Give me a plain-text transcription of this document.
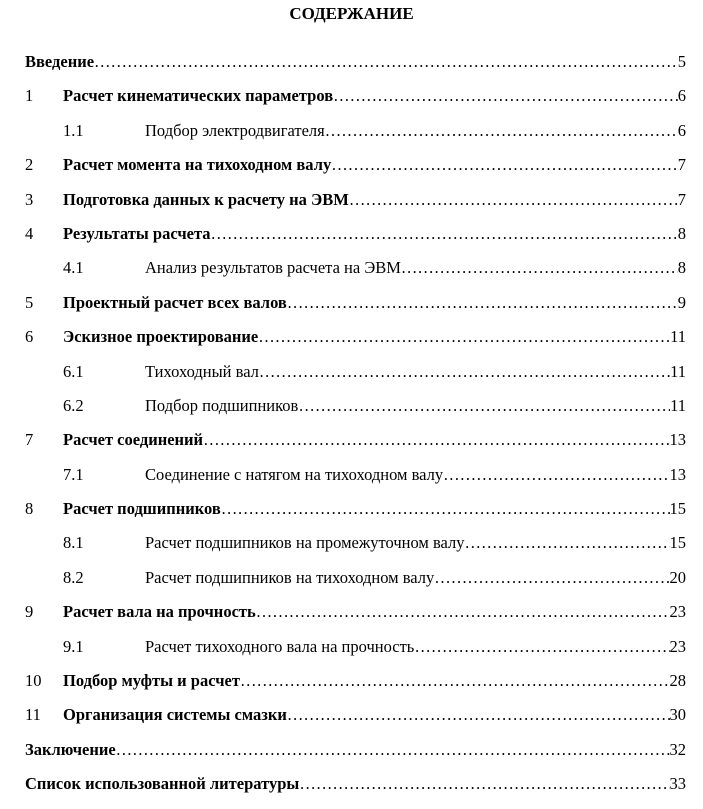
СОДЕРЖАНИЕ
Введение ……………………………………………………………………………………………………………………………………………………………………………………	5
1	Расчет кинематических параметров ……………………………………………………………………………………………………………………………………………………………………………………	6
1.1	Подбор электродвигателя ……………………………………………………………………………………………………………………………………………………………………………………	6
2	Расчет момента на тихоходном валу ……………………………………………………………………………………………………………………………………………………………………………………	7
3	Подготовка данных к расчету на ЭВМ ……………………………………………………………………………………………………………………………………………………………………………………	7
4	Результаты расчета ……………………………………………………………………………………………………………………………………………………………………………………	8
4.1	Анализ результатов расчета на ЭВМ ……………………………………………………………………………………………………………………………………………………………………………………	8
5	Проектный расчет всех валов ……………………………………………………………………………………………………………………………………………………………………………………	9
6	Эскизное проектирование ……………………………………………………………………………………………………………………………………………………………………………………	11
6.1	Тихоходный вал ……………………………………………………………………………………………………………………………………………………………………………………	11
6.2	Подбор подшипников ……………………………………………………………………………………………………………………………………………………………………………………	11
7	Расчет соединений ……………………………………………………………………………………………………………………………………………………………………………………	13
7.1	Соединение с натягом на тихоходном валу ……………………………………………………………………………………………………………………………………………………………………………………	13
8	Расчет подшипников ……………………………………………………………………………………………………………………………………………………………………………………	15
8.1	Расчет подшипников на промежуточном валу ……………………………………………………………………………………………………………………………………………………………………………………	15
8.2	Расчет подшипников на тихоходном валу ……………………………………………………………………………………………………………………………………………………………………………………	20
9	Расчет вала на прочность ……………………………………………………………………………………………………………………………………………………………………………………	23
9.1	Расчет тихоходного вала на прочность ……………………………………………………………………………………………………………………………………………………………………………………	23
10	Подбор муфты и расчет ……………………………………………………………………………………………………………………………………………………………………………………	28
11	Организация системы смазки ……………………………………………………………………………………………………………………………………………………………………………………	30
Заключение ……………………………………………………………………………………………………………………………………………………………………………………	32
Список использованной литературы ……………………………………………………………………………………………………………………………………………………………………………………	33
